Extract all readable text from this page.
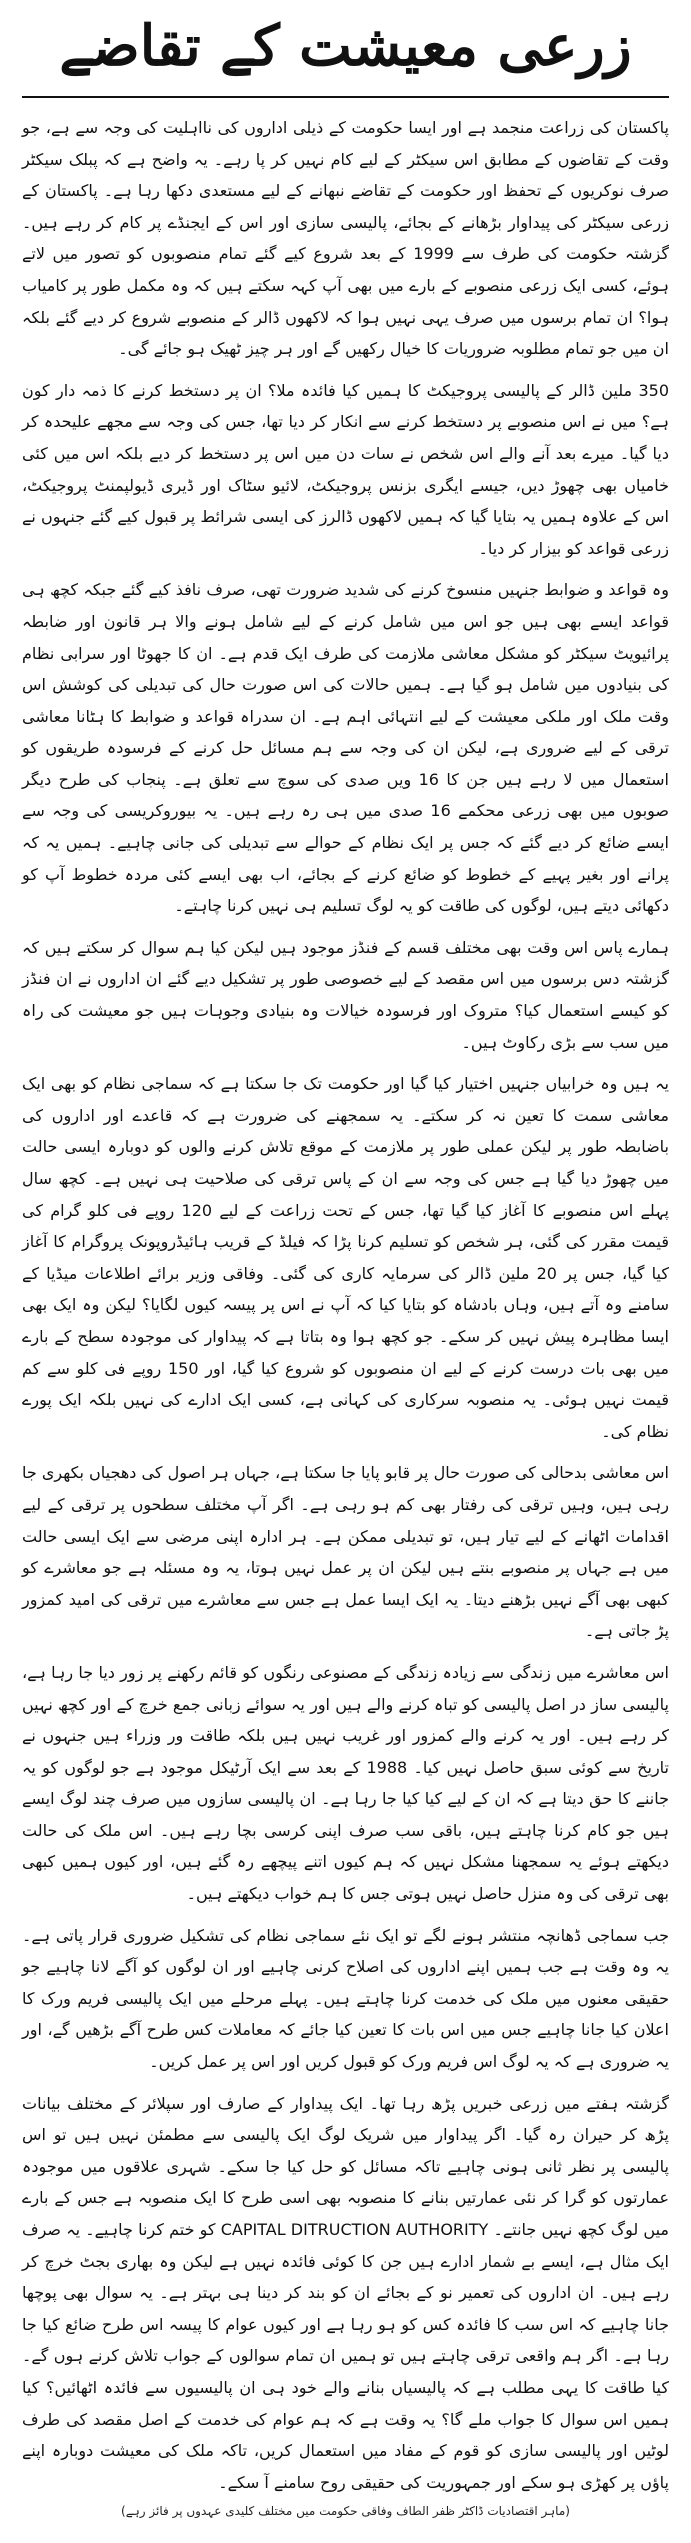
زرعی معیشت کے تقاضے

پاکستان کی زراعت منجمد ہے اور ایسا حکومت کے ذیلی اداروں کی نااہلیت کی وجہ سے ہے، جو وقت کے تقاضوں کے مطابق اس سیکٹر کے لیے کام نہیں کر پا رہے۔ یہ واضح ہے کہ پبلک سیکٹر صرف نوکریوں کے تحفظ اور حکومت کے تقاضے نبھانے کے لیے مستعدی دکھا رہا ہے۔ پاکستان کے زرعی سیکٹر کی پیداوار بڑھانے کے بجائے، پالیسی سازی اور اس کے ایجنڈے پر کام کر رہے ہیں۔ گزشتہ حکومت کی طرف سے 1999 کے بعد شروع کیے گئے تمام منصوبوں کو تصور میں لاتے ہوئے، کسی ایک زرعی منصوبے کے بارے میں بھی آپ کہہ سکتے ہیں کہ وہ مکمل طور پر کامیاب ہوا؟ ان تمام برسوں میں صرف یہی نہیں ہوا کہ لاکھوں ڈالر کے منصوبے شروع کر دیے گئے بلکہ ان میں جو تمام مطلوبہ ضروریات کا خیال رکھیں گے اور ہر چیز ٹھیک ہو جائے گی۔

350 ملین ڈالر کے پالیسی پروجیکٹ کا ہمیں کیا فائدہ ملا؟ ان پر دستخط کرنے کا ذمہ دار کون ہے؟ میں نے اس منصوبے پر دستخط کرنے سے انکار کر دیا تھا، جس کی وجہ سے مجھے علیحدہ کر دیا گیا۔ میرے بعد آنے والے اس شخص نے سات دن میں اس پر دستخط کر دیے بلکہ اس میں کئی خامیاں بھی چھوڑ دیں، جیسے ایگری بزنس پروجیکٹ، لائیو سٹاک اور ڈیری ڈیولپمنٹ پروجیکٹ، اس کے علاوہ ہمیں یہ بتایا گیا کہ ہمیں لاکھوں ڈالرز کی ایسی شرائط پر قبول کیے گئے جنہوں نے زرعی قواعد کو بیزار کر دیا۔

وہ قواعد و ضوابط جنہیں منسوخ کرنے کی شدید ضرورت تھی، صرف نافذ کیے گئے جبکہ کچھ ہی قواعد ایسے بھی ہیں جو اس میں شامل کرنے کے لیے شامل ہونے والا ہر قانون اور ضابطہ پرائیویٹ سیکٹر کو مشکل معاشی ملازمت کی طرف ایک قدم ہے۔ ان کا جھوٹا اور سرابی نظام کی بنیادوں میں شامل ہو گیا ہے۔ ہمیں حالات کی اس صورت حال کی تبدیلی کی کوشش اس وقت ملک اور ملکی معیشت کے لیے انتہائی اہم ہے۔ ان سدراہ قواعد و ضوابط کا ہٹانا معاشی ترقی کے لیے ضروری ہے، لیکن ان کی وجہ سے ہم مسائل حل کرنے کے فرسودہ طریقوں کو استعمال میں لا رہے ہیں جن کا 16 ویں صدی کی سوچ سے تعلق ہے۔ پنجاب کی طرح دیگر صوبوں میں بھی زرعی محکمے 16 صدی میں ہی رہ رہے ہیں۔ یہ بیوروکریسی کی وجہ سے ایسے ضائع کر دیے گئے کہ جس پر ایک نظام کے حوالے سے تبدیلی کی جانی چاہیے۔ ہمیں یہ کہ پرانے اور بغیر پہیے کے خطوط کو ضائع کرنے کے بجائے، اب بھی ایسے کئی مردہ خطوط آپ کو دکھائی دیتے ہیں، لوگوں کی طاقت کو یہ لوگ تسلیم ہی نہیں کرنا چاہتے۔

ہمارے پاس اس وقت بھی مختلف قسم کے فنڈز موجود ہیں لیکن کیا ہم سوال کر سکتے ہیں کہ گزشتہ دس برسوں میں اس مقصد کے لیے خصوصی طور پر تشکیل دیے گئے ان اداروں نے ان فنڈز کو کیسے استعمال کیا؟ متروک اور فرسودہ خیالات وہ بنیادی وجوہات ہیں جو معیشت کی راہ میں سب سے بڑی رکاوٹ ہیں۔

یہ ہیں وہ خرابیاں جنہیں اختیار کیا گیا اور حکومت تک جا سکتا ہے کہ سماجی نظام کو بھی ایک معاشی سمت کا تعین نہ کر سکتے۔ یہ سمجھنے کی ضرورت ہے کہ قاعدے اور اداروں کی باضابطہ طور پر لیکن عملی طور پر ملازمت کے موقع تلاش کرنے والوں کو دوبارہ ایسی حالت میں چھوڑ دیا گیا ہے جس کی وجہ سے ان کے پاس ترقی کی صلاحیت ہی نہیں ہے۔ کچھ سال پہلے اس منصوبے کا آغاز کیا گیا تھا، جس کے تحت زراعت کے لیے 120 روپے فی کلو گرام کی قیمت مقرر کی گئی، ہر شخص کو تسلیم کرنا پڑا کہ فیلڈ کے قریب ہائیڈروپونک پروگرام کا آغاز کیا گیا، جس پر 20 ملین ڈالر کی سرمایہ کاری کی گئی۔ وفاقی وزیر برائے اطلاعات میڈیا کے سامنے وہ آتے ہیں، وہاں بادشاہ کو بتایا کیا کہ آپ نے اس پر پیسہ کیوں لگایا؟ لیکن وہ ایک بھی ایسا مظاہرہ پیش نہیں کر سکے۔ جو کچھ ہوا وہ بتاتا ہے کہ پیداوار کی موجودہ سطح کے بارے میں بھی بات درست کرنے کے لیے ان منصوبوں کو شروع کیا گیا، اور 150 روپے فی کلو سے کم قیمت نہیں ہوئی۔ یہ منصوبہ سرکاری کی کہانی ہے، کسی ایک ادارے کی نہیں بلکہ ایک پورے نظام کی۔

اس معاشی بدحالی کی صورت حال پر قابو پایا جا سکتا ہے، جہاں ہر اصول کی دھجیاں بکھری جا رہی ہیں، وہیں ترقی کی رفتار بھی کم ہو رہی ہے۔ اگر آپ مختلف سطحوں پر ترقی کے لیے اقدامات اٹھانے کے لیے تیار ہیں، تو تبدیلی ممکن ہے۔ ہر ادارہ اپنی مرضی سے ایک ایسی حالت میں ہے جہاں پر منصوبے بنتے ہیں لیکن ان پر عمل نہیں ہوتا، یہ وہ مسئلہ ہے جو معاشرے کو کبھی بھی آگے نہیں بڑھنے دیتا۔ یہ ایک ایسا عمل ہے جس سے معاشرے میں ترقی کی امید کمزور پڑ جاتی ہے۔

اس معاشرے میں زندگی سے زیادہ زندگی کے مصنوعی رنگوں کو قائم رکھنے پر زور دیا جا رہا ہے، پالیسی ساز در اصل پالیسی کو تباہ کرنے والے ہیں اور یہ سوائے زبانی جمع خرچ کے اور کچھ نہیں کر رہے ہیں۔ اور یہ کرنے والے کمزور اور غریب نہیں ہیں بلکہ طاقت ور وزراء ہیں جنہوں نے تاریخ سے کوئی سبق حاصل نہیں کیا۔ 1988 کے بعد سے ایک آرٹیکل موجود ہے جو لوگوں کو یہ جاننے کا حق دیتا ہے کہ ان کے لیے کیا کیا جا رہا ہے۔ ان پالیسی سازوں میں صرف چند لوگ ایسے ہیں جو کام کرنا چاہتے ہیں، باقی سب صرف اپنی کرسی بچا رہے ہیں۔ اس ملک کی حالت دیکھتے ہوئے یہ سمجھنا مشکل نہیں کہ ہم کیوں اتنے پیچھے رہ گئے ہیں، اور کیوں ہمیں کبھی بھی ترقی کی وہ منزل حاصل نہیں ہوتی جس کا ہم خواب دیکھتے ہیں۔

جب سماجی ڈھانچہ منتشر ہونے لگے تو ایک نئے سماجی نظام کی تشکیل ضروری قرار پاتی ہے۔ یہ وہ وقت ہے جب ہمیں اپنے اداروں کی اصلاح کرنی چاہیے اور ان لوگوں کو آگے لانا چاہیے جو حقیقی معنوں میں ملک کی خدمت کرنا چاہتے ہیں۔ پہلے مرحلے میں ایک پالیسی فریم ورک کا اعلان کیا جانا چاہیے جس میں اس بات کا تعین کیا جائے کہ معاملات کس طرح آگے بڑھیں گے، اور یہ ضروری ہے کہ یہ لوگ اس فریم ورک کو قبول کریں اور اس پر عمل کریں۔

گزشتہ ہفتے میں زرعی خبریں پڑھ رہا تھا۔ ایک پیداوار کے صارف اور سپلائر کے مختلف بیانات پڑھ کر حیران رہ گیا۔ اگر پیداوار میں شریک لوگ ایک پالیسی سے مطمئن نہیں ہیں تو اس پالیسی پر نظر ثانی ہونی چاہیے تاکہ مسائل کو حل کیا جا سکے۔ شہری علاقوں میں موجودہ عمارتوں کو گرا کر نئی عمارتیں بنانے کا منصوبہ بھی اسی طرح کا ایک منصوبہ ہے جس کے بارے میں لوگ کچھ نہیں جانتے۔ CAPITAL DITRUCTION AUTHORITY کو ختم کرنا چاہیے۔ یہ صرف ایک مثال ہے، ایسے بے شمار ادارے ہیں جن کا کوئی فائدہ نہیں ہے لیکن وہ بھاری بجٹ خرچ کر رہے ہیں۔ ان اداروں کی تعمیر نو کے بجائے ان کو بند کر دینا ہی بہتر ہے۔ یہ سوال بھی پوچھا جانا چاہیے کہ اس سب کا فائدہ کس کو ہو رہا ہے اور کیوں عوام کا پیسہ اس طرح ضائع کیا جا رہا ہے۔ اگر ہم واقعی ترقی چاہتے ہیں تو ہمیں ان تمام سوالوں کے جواب تلاش کرنے ہوں گے۔ کیا طاقت کا یہی مطلب ہے کہ پالیسیاں بنانے والے خود ہی ان پالیسیوں سے فائدہ اٹھائیں؟ کیا ہمیں اس سوال کا جواب ملے گا؟ یہ وقت ہے کہ ہم عوام کی خدمت کے اصل مقصد کی طرف لوٹیں اور پالیسی سازی کو قوم کے مفاد میں استعمال کریں، تاکہ ملک کی معیشت دوبارہ اپنے پاؤں پر کھڑی ہو سکے اور جمہوریت کی حقیقی روح سامنے آ سکے۔

(ماہر اقتصادیات ڈاکٹر ظفر الطاف وفاقی حکومت میں مختلف کلیدی عہدوں پر فائز رہے)
